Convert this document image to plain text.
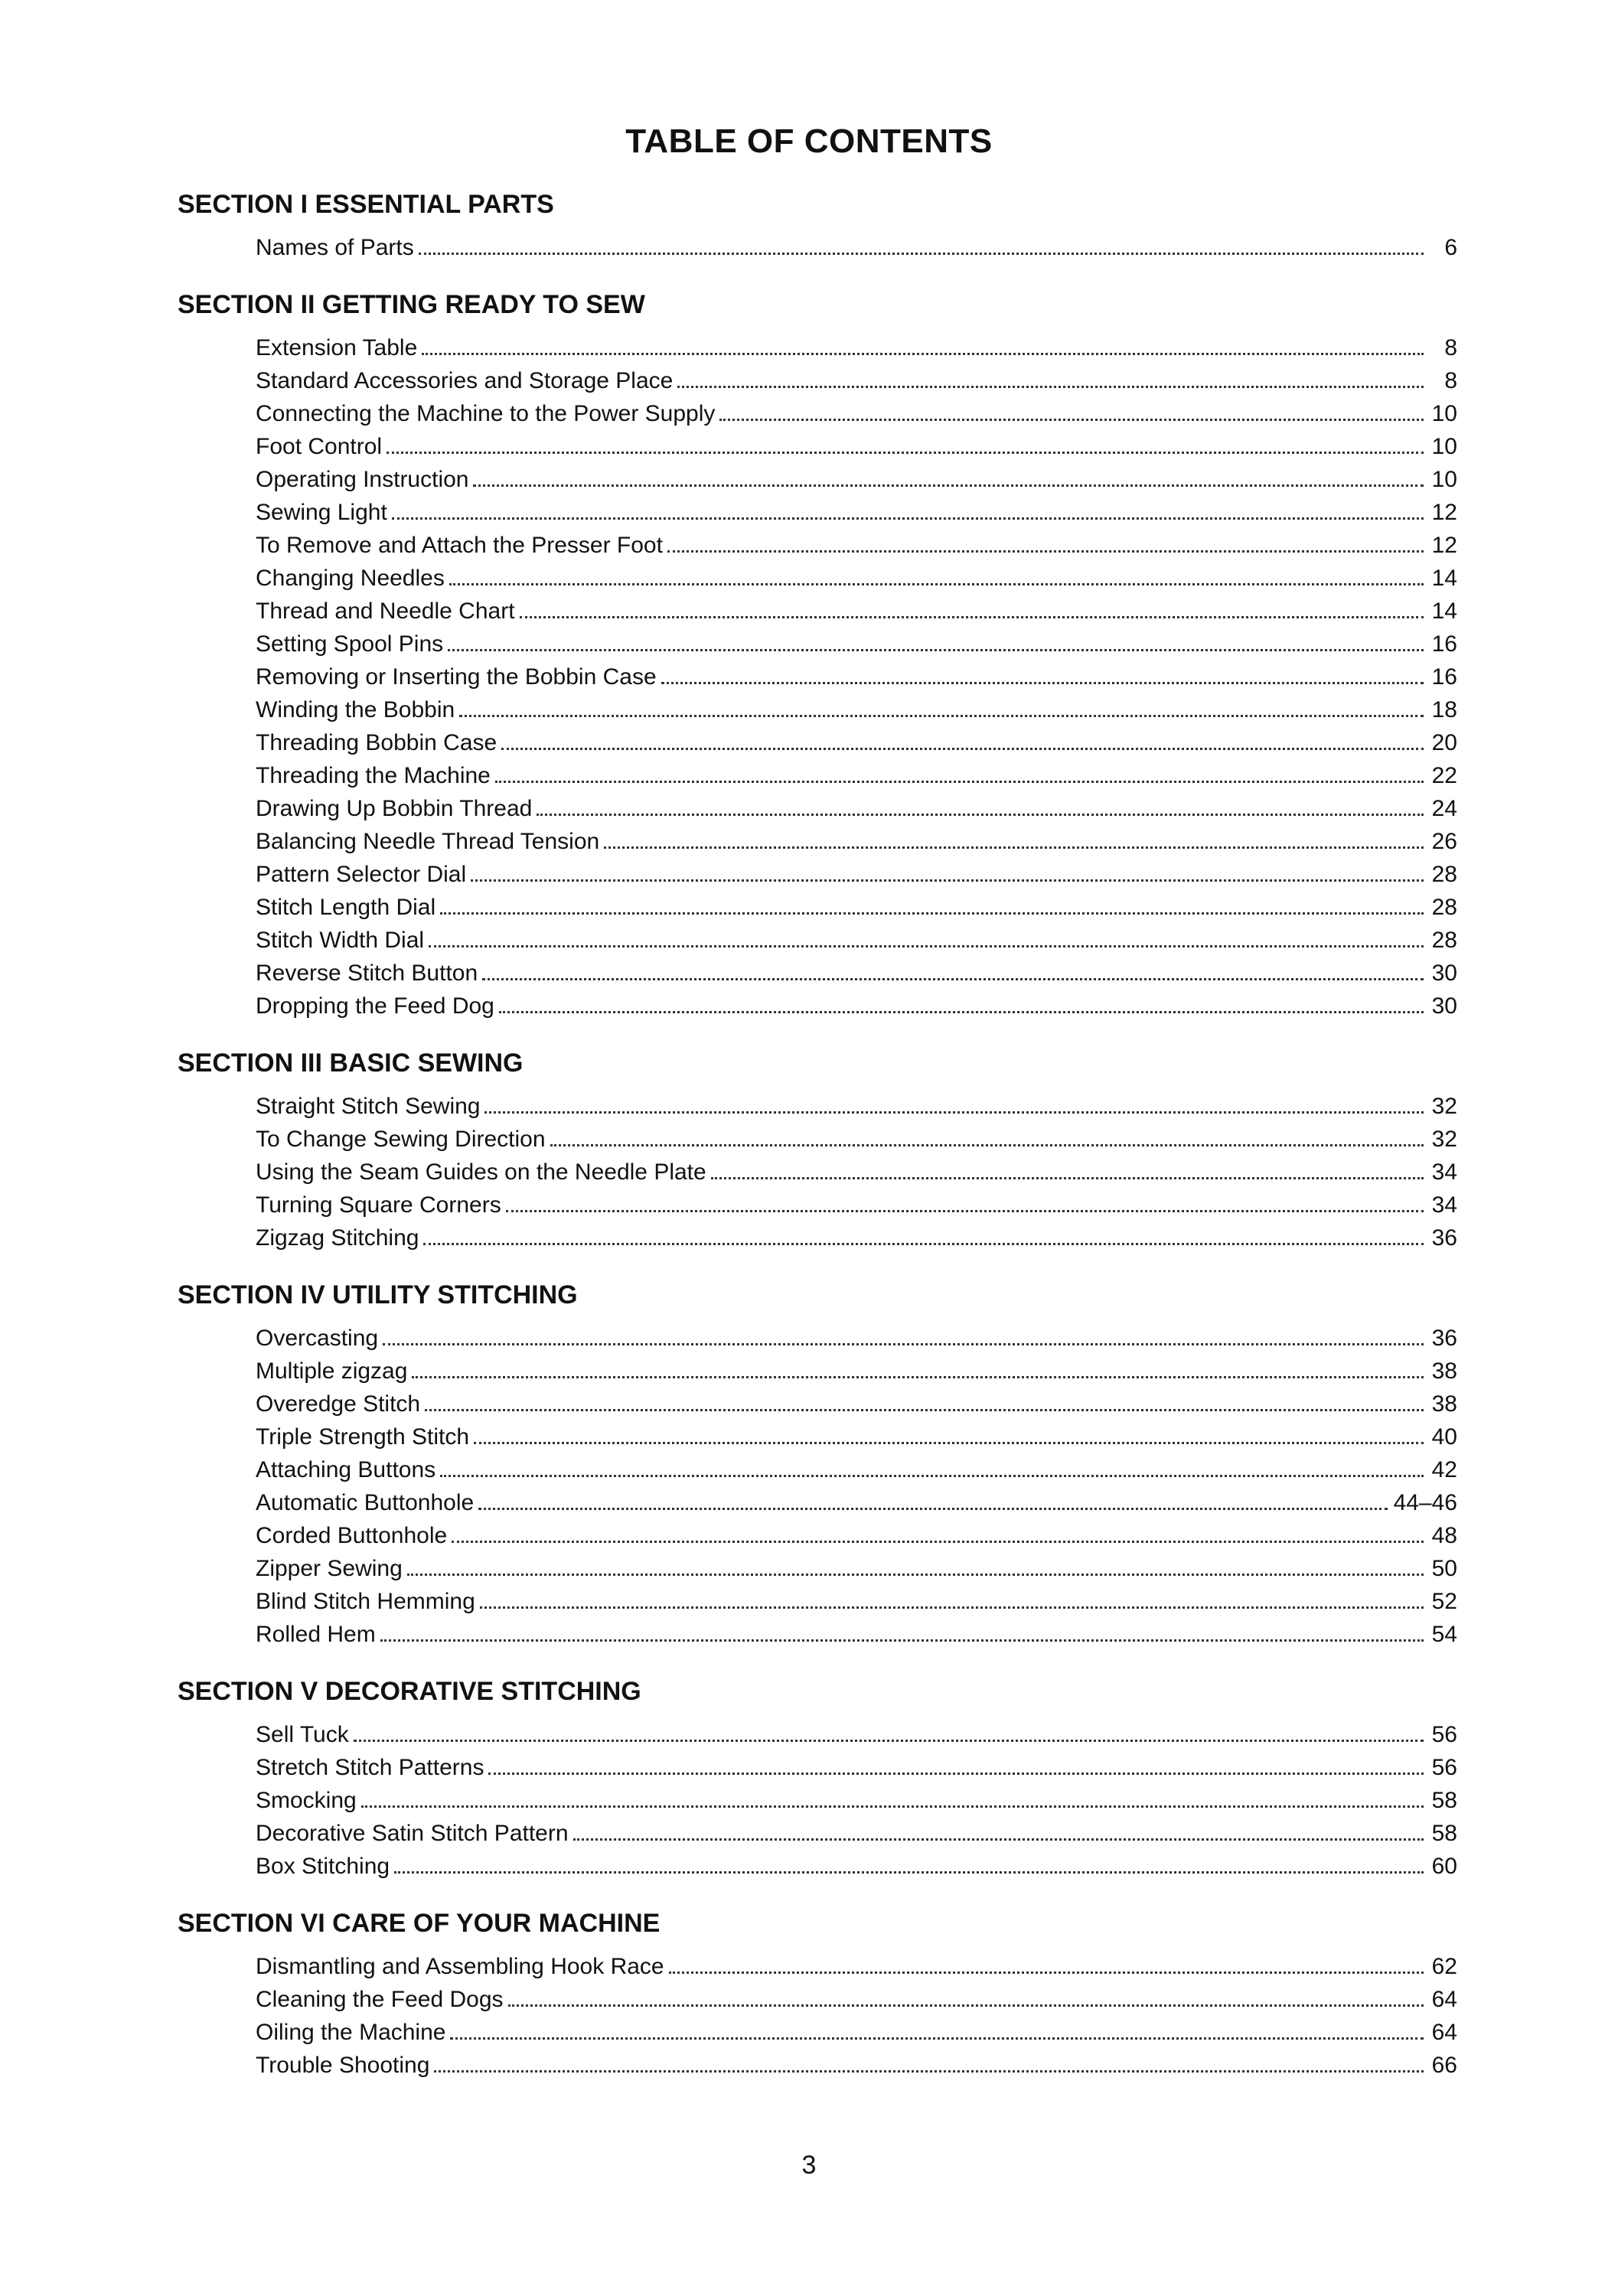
TABLE OF CONTENTS
SECTION I ESSENTIAL PARTS
Names of Parts	6
SECTION II GETTING READY TO SEW
Extension Table	8
Standard Accessories and Storage Place	8
Connecting the Machine to the Power Supply	10
Foot Control	10
Operating Instruction	10
Sewing Light	12
To Remove and Attach the Presser Foot	12
Changing Needles	14
Thread and Needle Chart	14
Setting Spool Pins	16
Removing or Inserting the Bobbin Case	16
Winding the Bobbin	18
Threading Bobbin Case	20
Threading the Machine	22
Drawing Up Bobbin Thread	24
Balancing Needle Thread Tension	26
Pattern Selector Dial	28
Stitch Length Dial	28
Stitch Width Dial	28
Reverse Stitch Button	30
Dropping the Feed Dog	30
SECTION III BASIC SEWING
Straight Stitch Sewing	32
To Change Sewing Direction	32
Using the Seam Guides on the Needle Plate	34
Turning Square Corners	34
Zigzag Stitching	36
SECTION IV UTILITY STITCHING
Overcasting	36
Multiple zigzag	38
Overedge Stitch	38
Triple Strength Stitch	40
Attaching Buttons	42
Automatic Buttonhole	44–46
Corded Buttonhole	48
Zipper Sewing	50
Blind Stitch Hemming	52
Rolled Hem	54
SECTION V DECORATIVE STITCHING
Sell Tuck	56
Stretch Stitch Patterns	56
Smocking	58
Decorative Satin Stitch Pattern	58
Box Stitching	60
SECTION VI CARE OF YOUR MACHINE
Dismantling and Assembling Hook Race	62
Cleaning the Feed Dogs	64
Oiling the Machine	64
Trouble Shooting	66
3
